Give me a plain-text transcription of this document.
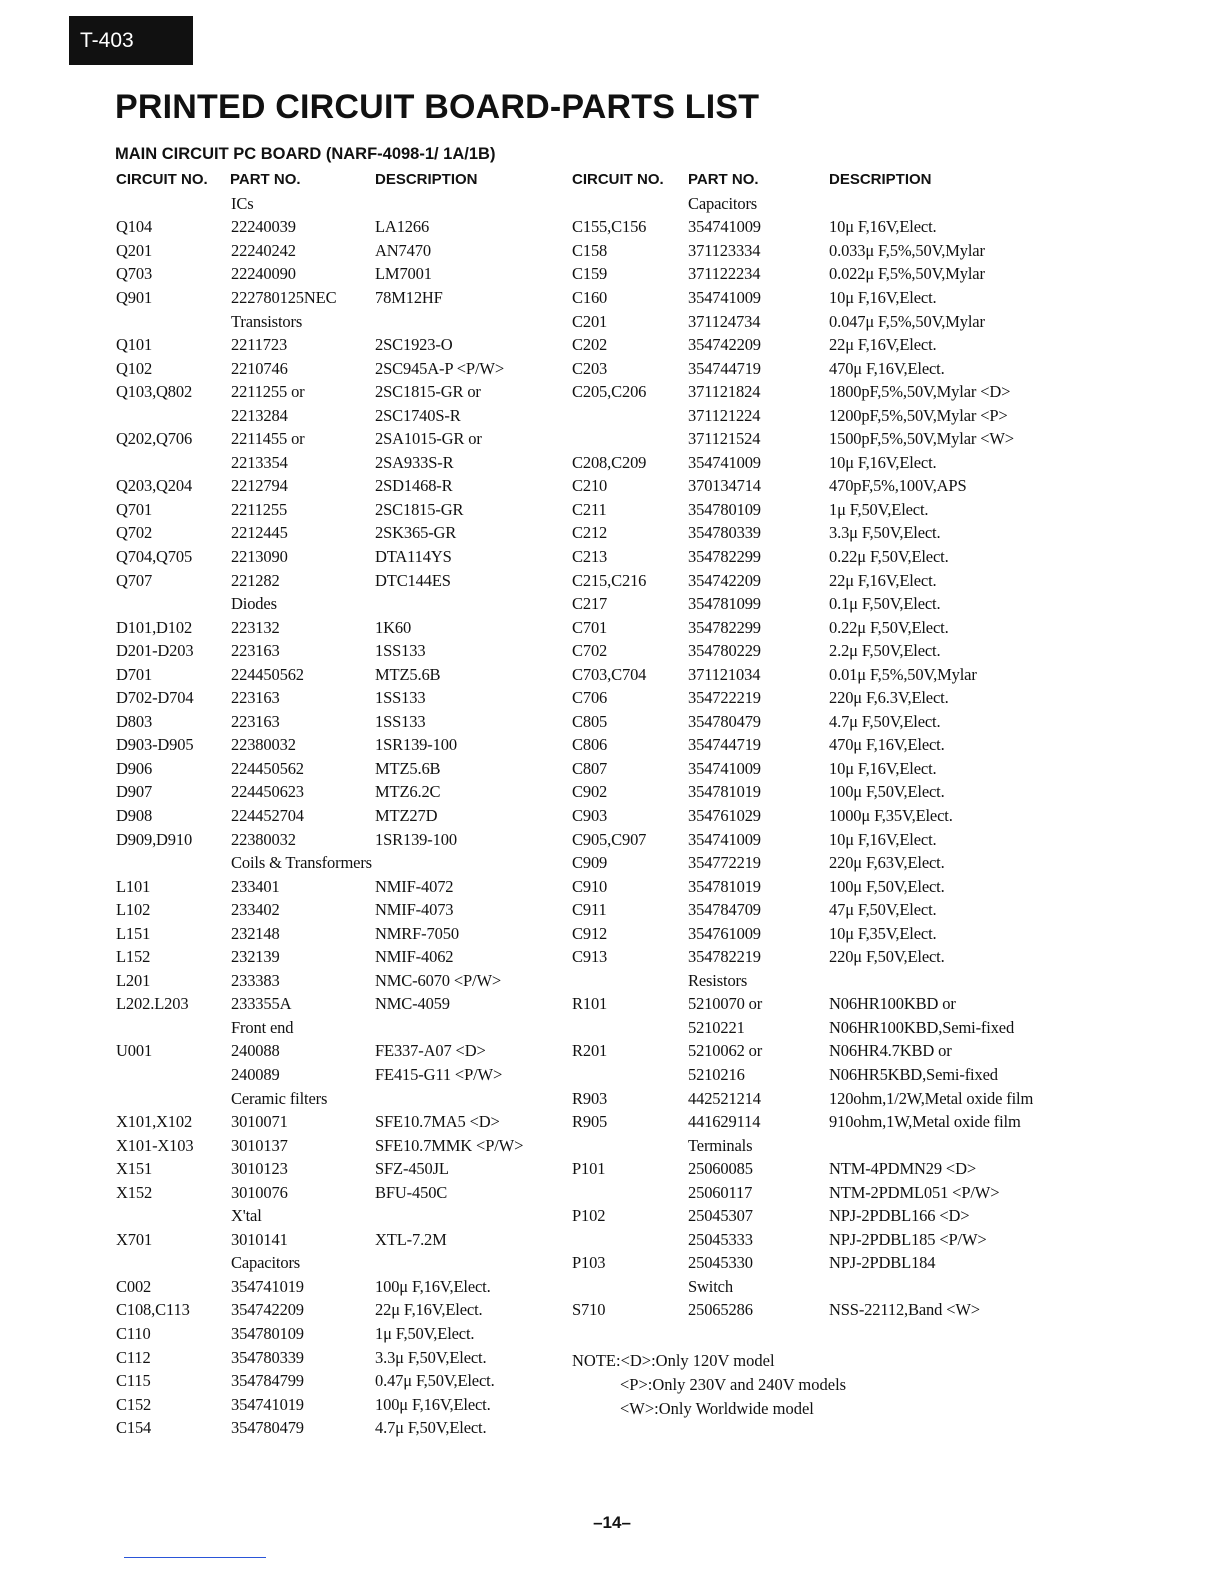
T-403
PRINTED CIRCUIT BOARD-PARTS LIST
MAIN CIRCUIT PC BOARD (NARF-4098-1/ 1A/1B)
CIRCUIT NO. PART NO.	DESCRIPTION	CIRCUIT NO. PART NO.	DESCRIPTION
ICs
Q104	22240039	LA1266
Q201	22240242	AN7470
Q703	22240090	LM7001
Q901	222780125NEC	78M12HF
Transistors
Q101	2211723	2SC1923-O
Q102	2210746	2SC945A-P <P/W>
Q103,Q802	2211255 or	2SC1815-GR or
2213284	2SC1740S-R
Q202,Q706	2211455 or	2SA1015-GR or
2213354	2SA933S-R
Q203,Q204	2212794	2SD1468-R
Q701	2211255	2SC1815-GR
Q702	2212445	2SK365-GR
Q704,Q705	2213090	DTA114YS
Q707	221282	DTC144ES
Diodes
D101,D102	223132	1K60
D201-D203	223163	1SS133
D701	224450562	MTZ5.6B
D702-D704	223163	1SS133
D803	223163	1SS133
D903-D905	22380032	1SR139-100
D906	224450562	MTZ5.6B
D907	224450623	MTZ6.2C
D908	224452704	MTZ27D
D909,D910	22380032	1SR139-100
Coils & Transformers
L101	233401	NMIF-4072
L102	233402	NMIF-4073
L151	232148	NMRF-7050
L152	232139	NMIF-4062
L201	233383	NMC-6070 <P/W>
L202.L203	233355A	NMC-4059
Front end
U001	240088	FE337-A07 <D>
240089	FE415-G11 <P/W>
Ceramic filters
X101,X102	3010071	SFE10.7MA5 <D>
X101-X103	3010137	SFE10.7MMK <P/W>
X151	3010123	SFZ-450JL
X152	3010076	BFU-450C
X'tal
X701	3010141	XTL-7.2M
Capacitors
C002	354741019	100μ F,16V,Elect.
C108,C113	354742209	22μ F,16V,Elect.
C110	354780109	1μ F,50V,Elect.
C112	354780339	3.3μ F,50V,Elect.
C115	354784799	0.47μ F,50V,Elect.
C152	354741019	100μ F,16V,Elect.
C154	354780479	4.7μ F,50V,Elect.
Capacitors
C155,C156	354741009	10μ F,16V,Elect.
C158	371123334	0.033μ F,5%,50V,Mylar
C159	371122234	0.022μ F,5%,50V,Mylar
C160	354741009	10μ F,16V,Elect.
C201	371124734	0.047μ F,5%,50V,Mylar
C202	354742209	22μ F,16V,Elect.
C203	354744719	470μ F,16V,Elect.
C205,C206	371121824	1800pF,5%,50V,Mylar <D>
371121224	1200pF,5%,50V,Mylar <P>
371121524	1500pF,5%,50V,Mylar <W>
C208,C209	354741009	10μ F,16V,Elect.
C210	370134714	470pF,5%,100V,APS
C211	354780109	1μ F,50V,Elect.
C212	354780339	3.3μ F,50V,Elect.
C213	354782299	0.22μ F,50V,Elect.
C215,C216	354742209	22μ F,16V,Elect.
C217	354781099	0.1μ F,50V,Elect.
C701	354782299	0.22μ F,50V,Elect.
C702	354780229	2.2μ F,50V,Elect.
C703,C704	371121034	0.01μ F,5%,50V,Mylar
C706	354722219	220μ F,6.3V,Elect.
C805	354780479	4.7μ F,50V,Elect.
C806	354744719	470μ F,16V,Elect.
C807	354741009	10μ F,16V,Elect.
C902	354781019	100μ F,50V,Elect.
C903	354761029	1000μ F,35V,Elect.
C905,C907	354741009	10μ F,16V,Elect.
C909	354772219	220μ F,63V,Elect.
C910	354781019	100μ F,50V,Elect.
C911	354784709	47μ F,50V,Elect.
C912	354761009	10μ F,35V,Elect.
C913	354782219	220μ F,50V,Elect.
Resistors
R101	5210070 or	N06HR100KBD or
5210221	N06HR100KBD,Semi-fixed
R201	5210062 or	N06HR4.7KBD or
5210216	N06HR5KBD,Semi-fixed
R903	442521214	120ohm,1/2W,Metal oxide film
R905	441629114	910ohm,1W,Metal oxide film
Terminals
P101	25060085	NTM-4PDMN29 <D>
25060117	NTM-2PDML051 <P/W>
P102	25045307	NPJ-2PDBL166 <D>
25045333	NPJ-2PDBL185 <P/W>
P103	25045330	NPJ-2PDBL184
Switch
S710	25065286	NSS-22112,Band <W>
NOTE:<D>:Only 120V model
<P>:Only 230V and 240V models
<W>:Only Worldwide model
–14–
